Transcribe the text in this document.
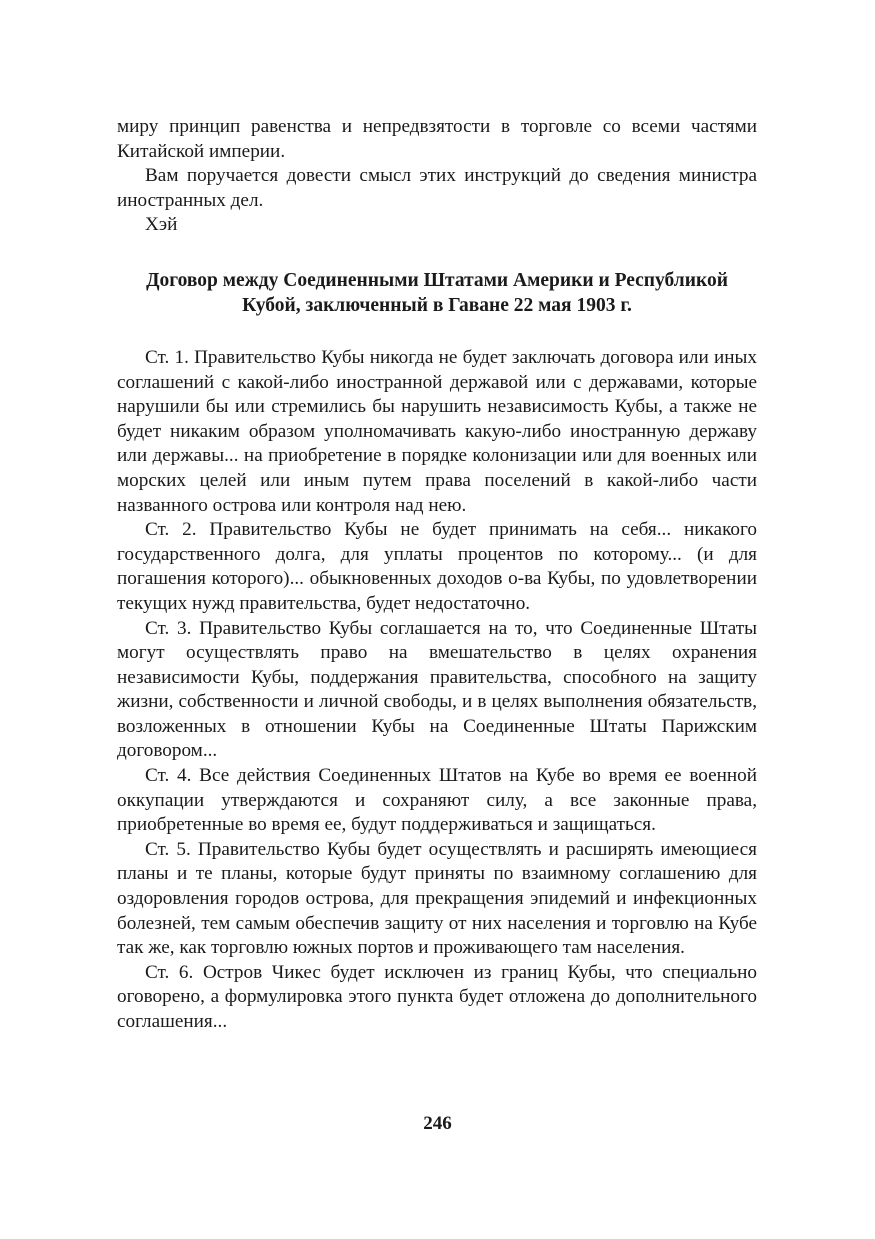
миру принцип равенства и непредвзятости в торговле со всеми частями Китайской империи.

Вам поручается довести смысл этих инструкций до сведения министра иностранных дел.

Хэй

Договор между Соединенными Штатами Америки и Республикой
Кубой, заключенный в Гаване 22 мая 1903 г.

Ст. 1. Правительство Кубы никогда не будет заключать договора или иных соглашений с какой-либо иностранной державой или с державами, которые нарушили бы или стремились бы нарушить независимость Кубы, а также не будет никаким образом уполномачивать какую-либо иностранную державу или державы... на приобретение в порядке колонизации или для военных или морских целей или иным путем права поселений в какой-либо части названного острова или контроля над нею.

Ст. 2. Правительство Кубы не будет принимать на себя... никакого государственного долга, для уплаты процентов по которому... (и для погашения которого)... обыкновенных доходов о-ва Кубы, по удовлетворении текущих нужд правительства, будет недостаточно.

Ст. 3. Правительство Кубы соглашается на то, что Соединенные Штаты могут осуществлять право на вмешательство в целях охранения независимости Кубы, поддержания правительства, способного на защиту жизни, собственности и личной свободы, и в целях выполнения обязательств, возложенных в отношении Кубы на Соединенные Штаты Парижским договором...

Ст. 4. Все действия Соединенных Штатов на Кубе во время ее военной оккупации утверждаются и сохраняют силу, а все законные права, приобретенные во время ее, будут поддерживаться и защищаться.

Ст. 5. Правительство Кубы будет осуществлять и расширять имеющиеся планы и те планы, которые будут приняты по взаимному соглашению для оздоровления городов острова, для прекращения эпидемий и инфекционных болезней, тем самым обеспечив защиту от них населения и торговлю на Кубе так же, как торговлю южных портов и проживающего там населения.

Ст. 6. Остров Чикес будет исключен из границ Кубы, что специально оговорено, а формулировка этого пункта будет отложена до дополнительного соглашения...

246
